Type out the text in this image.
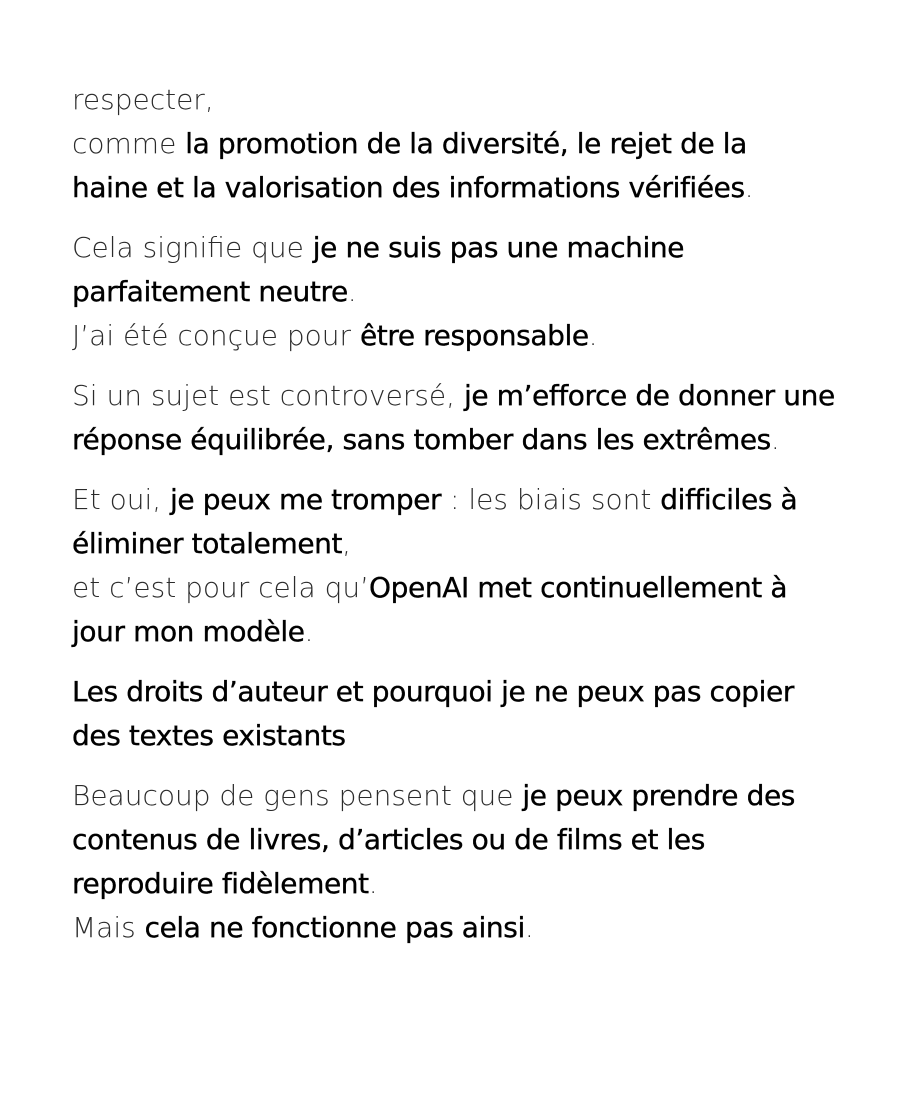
respecter,
comme la promotion de la diversité, le rejet de la
haine et la valorisation des informations vérifiées.

Cela signifie que je ne suis pas une machine
parfaitement neutre.
J’ai été conçue pour être responsable.

Si un sujet est controversé, je m’efforce de donner une
réponse équilibrée, sans tomber dans les extrêmes.

Et oui, je peux me tromper : les biais sont difficiles à
éliminer totalement,
et c’est pour cela qu’OpenAI met continuellement à
jour mon modèle.

Les droits d’auteur et pourquoi je ne peux pas copier
des textes existants

Beaucoup de gens pensent que je peux prendre des
contenus de livres, d’articles ou de films et les
reproduire fidèlement.
Mais cela ne fonctionne pas ainsi.
